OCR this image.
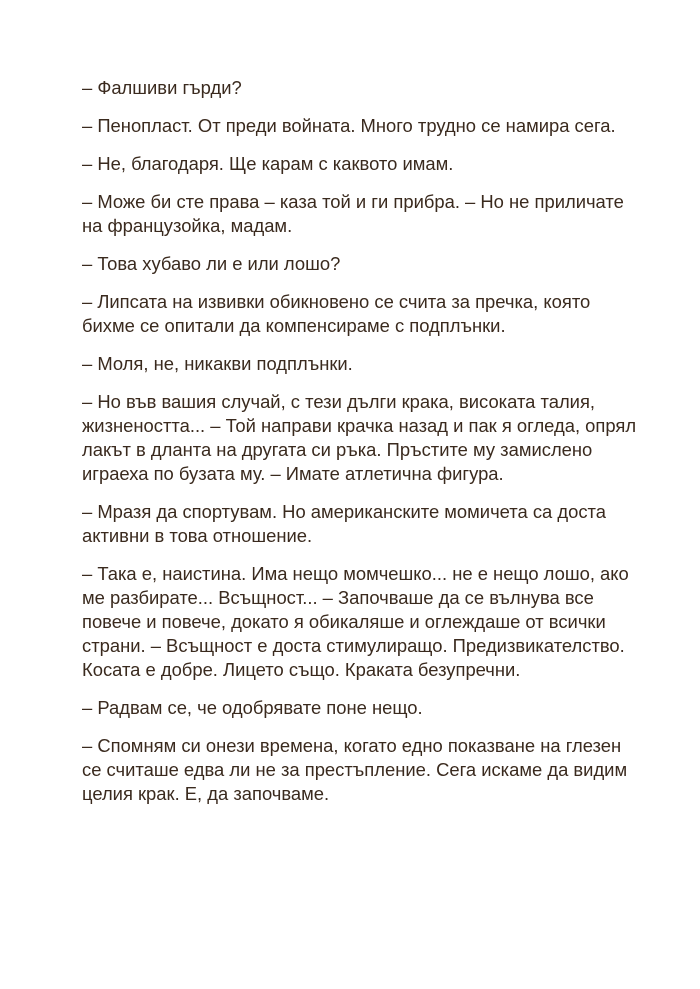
– Фалшиви гърди?

– Пенопласт. От преди войната. Много трудно се намира сега.

– Не, благодаря. Ще карам с каквото имам.

– Може би сте права – каза той и ги прибра. – Но не приличате на французойка, мадам.

– Това хубаво ли е или лошо?

– Липсата на извивки обикновено се счита за пречка, която бихме се опитали да компенсираме с подплънки.

– Моля, не, никакви подплънки.

– Но във вашия случай, с тези дълги крака, високата талия, жизнеността... – Той направи крачка назад и пак я огледа, опрял лакът в дланта на другата си ръка. Пръстите му замислено играеха по бузата му. – Имате атлетична фигура.

– Мразя да спортувам. Но американските момичета са доста активни в това отношение.

– Така е, наистина. Има нещо момчешко... не е нещо лошо, ако ме разбирате... Всъщност... – Започваше да се вълнува все повече и повече, докато я обикаляше и оглеждаше от всички страни. – Всъщност е доста стимулиращо. Предизвикателство. Косата е добре. Лицето също. Краката безупречни.

– Радвам се, че одобрявате поне нещо.

– Спомням си онези времена, когато едно показване на глезен се считаше едва ли не за престъпление. Сега искаме да видим целия крак. Е, да започваме.
